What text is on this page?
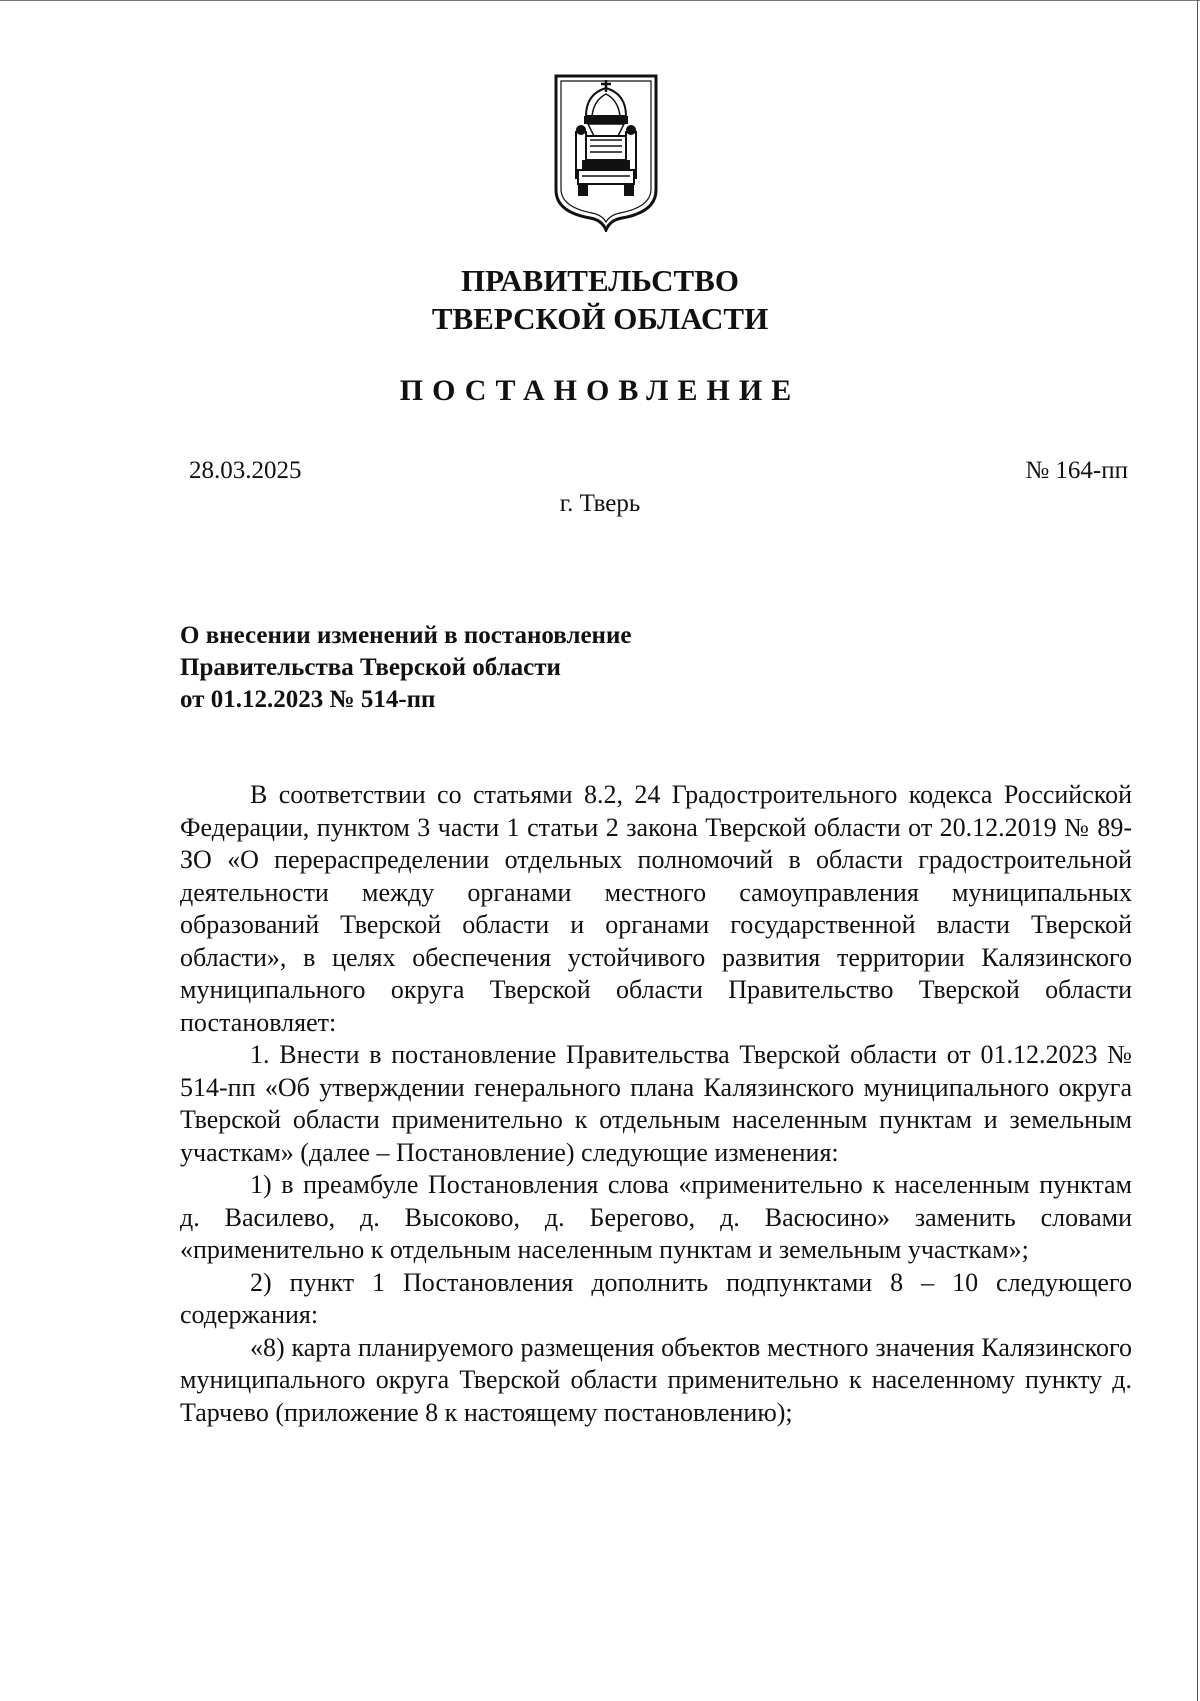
ПРАВИТЕЛЬСТВО
ТВЕРСКОЙ ОБЛАСТИ
ПОСТАНОВЛЕНИЕ
28.03.2025	№ 164-пп
г. Тверь
О внесении изменений в постановление
Правительства Тверской области
от 01.12.2023 № 514-пп

В соответствии со статьями 8.2, 24 Градостроительного кодекса Российской Федерации, пунктом 3 части 1 статьи 2 закона Тверской области от 20.12.2019 № 89-ЗО «О перераспределении отдельных полномочий в области градостроительной деятельности между органами местного самоуправления муниципальных образований Тверской области и органами государственной власти Тверской области», в целях обеспечения устойчивого развития территории Калязинского муниципального округа Тверской области Правительство Тверской области постановляет:

1. Внести в постановление Правительства Тверской области от 01.12.2023 № 514-пп «Об утверждении генерального плана Калязинского муниципального округа Тверской области применительно к отдельным населенным пунктам и земельным участкам» (далее – Постановление) следующие изменения:

1) в преамбуле Постановления слова «применительно к населенным пунктам д. Василево, д. Высоково, д. Берегово, д. Васюсино» заменить словами «применительно к отдельным населенным пунктам и земельным участкам»;

2) пункт 1 Постановления дополнить подпунктами 8 – 10 следующего содержания:

«8) карта планируемого размещения объектов местного значения Калязинского муниципального округа Тверской области применительно к населенному пункту д. Тарчево (приложение 8 к настоящему постановлению);
